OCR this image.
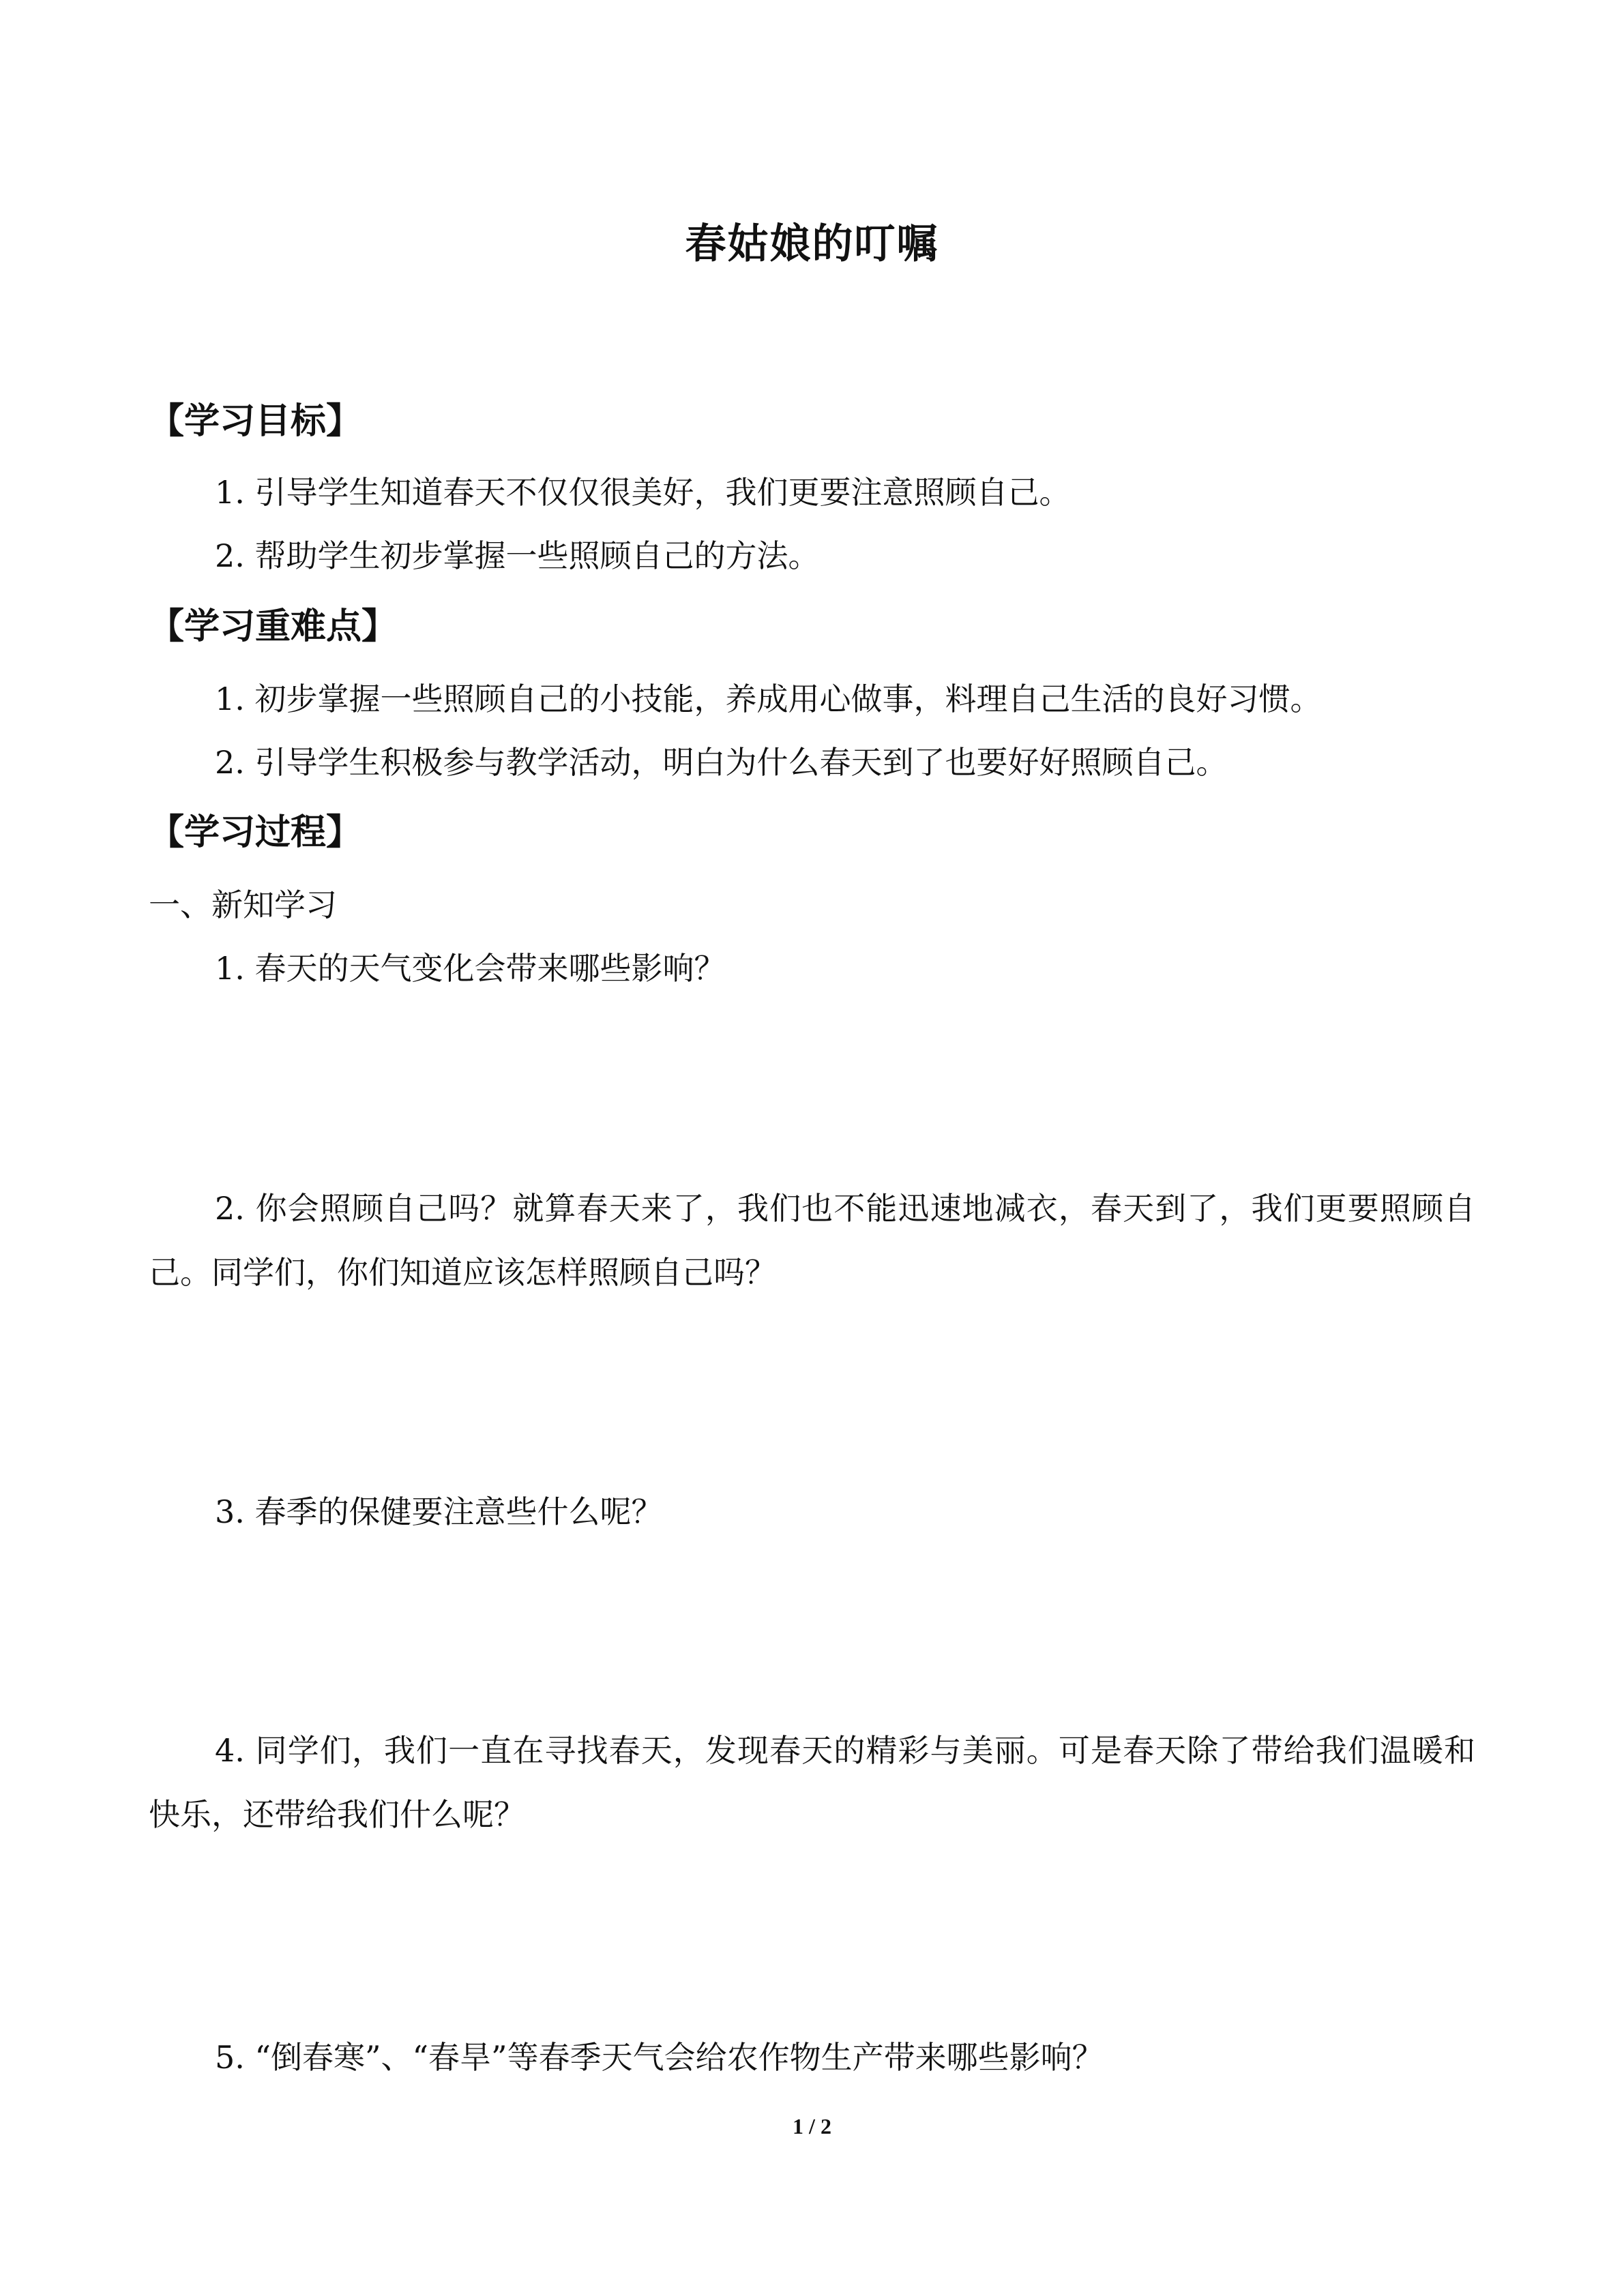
春姑娘的叮嘱
【学习目标】
1. 引导学生知道春天不仅仅很美好，我们更要注意照顾自己。
2. 帮助学生初步掌握一些照顾自己的方法。
【学习重难点】
1. 初步掌握一些照顾自己的小技能，养成用心做事，料理自己生活的良好习惯。
2. 引导学生积极参与教学活动，明白为什么春天到了也要好好照顾自己。
【学习过程】
一、新知学习
1. 春天的天气变化会带来哪些影响？
2. 你会照顾自己吗？就算春天来了，我们也不能迅速地减衣，春天到了，我们更要照顾自己。同学们，你们知道应该怎样照顾自己吗？
3. 春季的保健要注意些什么呢？
4. 同学们，我们一直在寻找春天，发现春天的精彩与美丽。可是春天除了带给我们温暖和快乐，还带给我们什么呢？
5. “倒春寒”、“春旱”等春季天气会给农作物生产带来哪些影响？
1 / 2
